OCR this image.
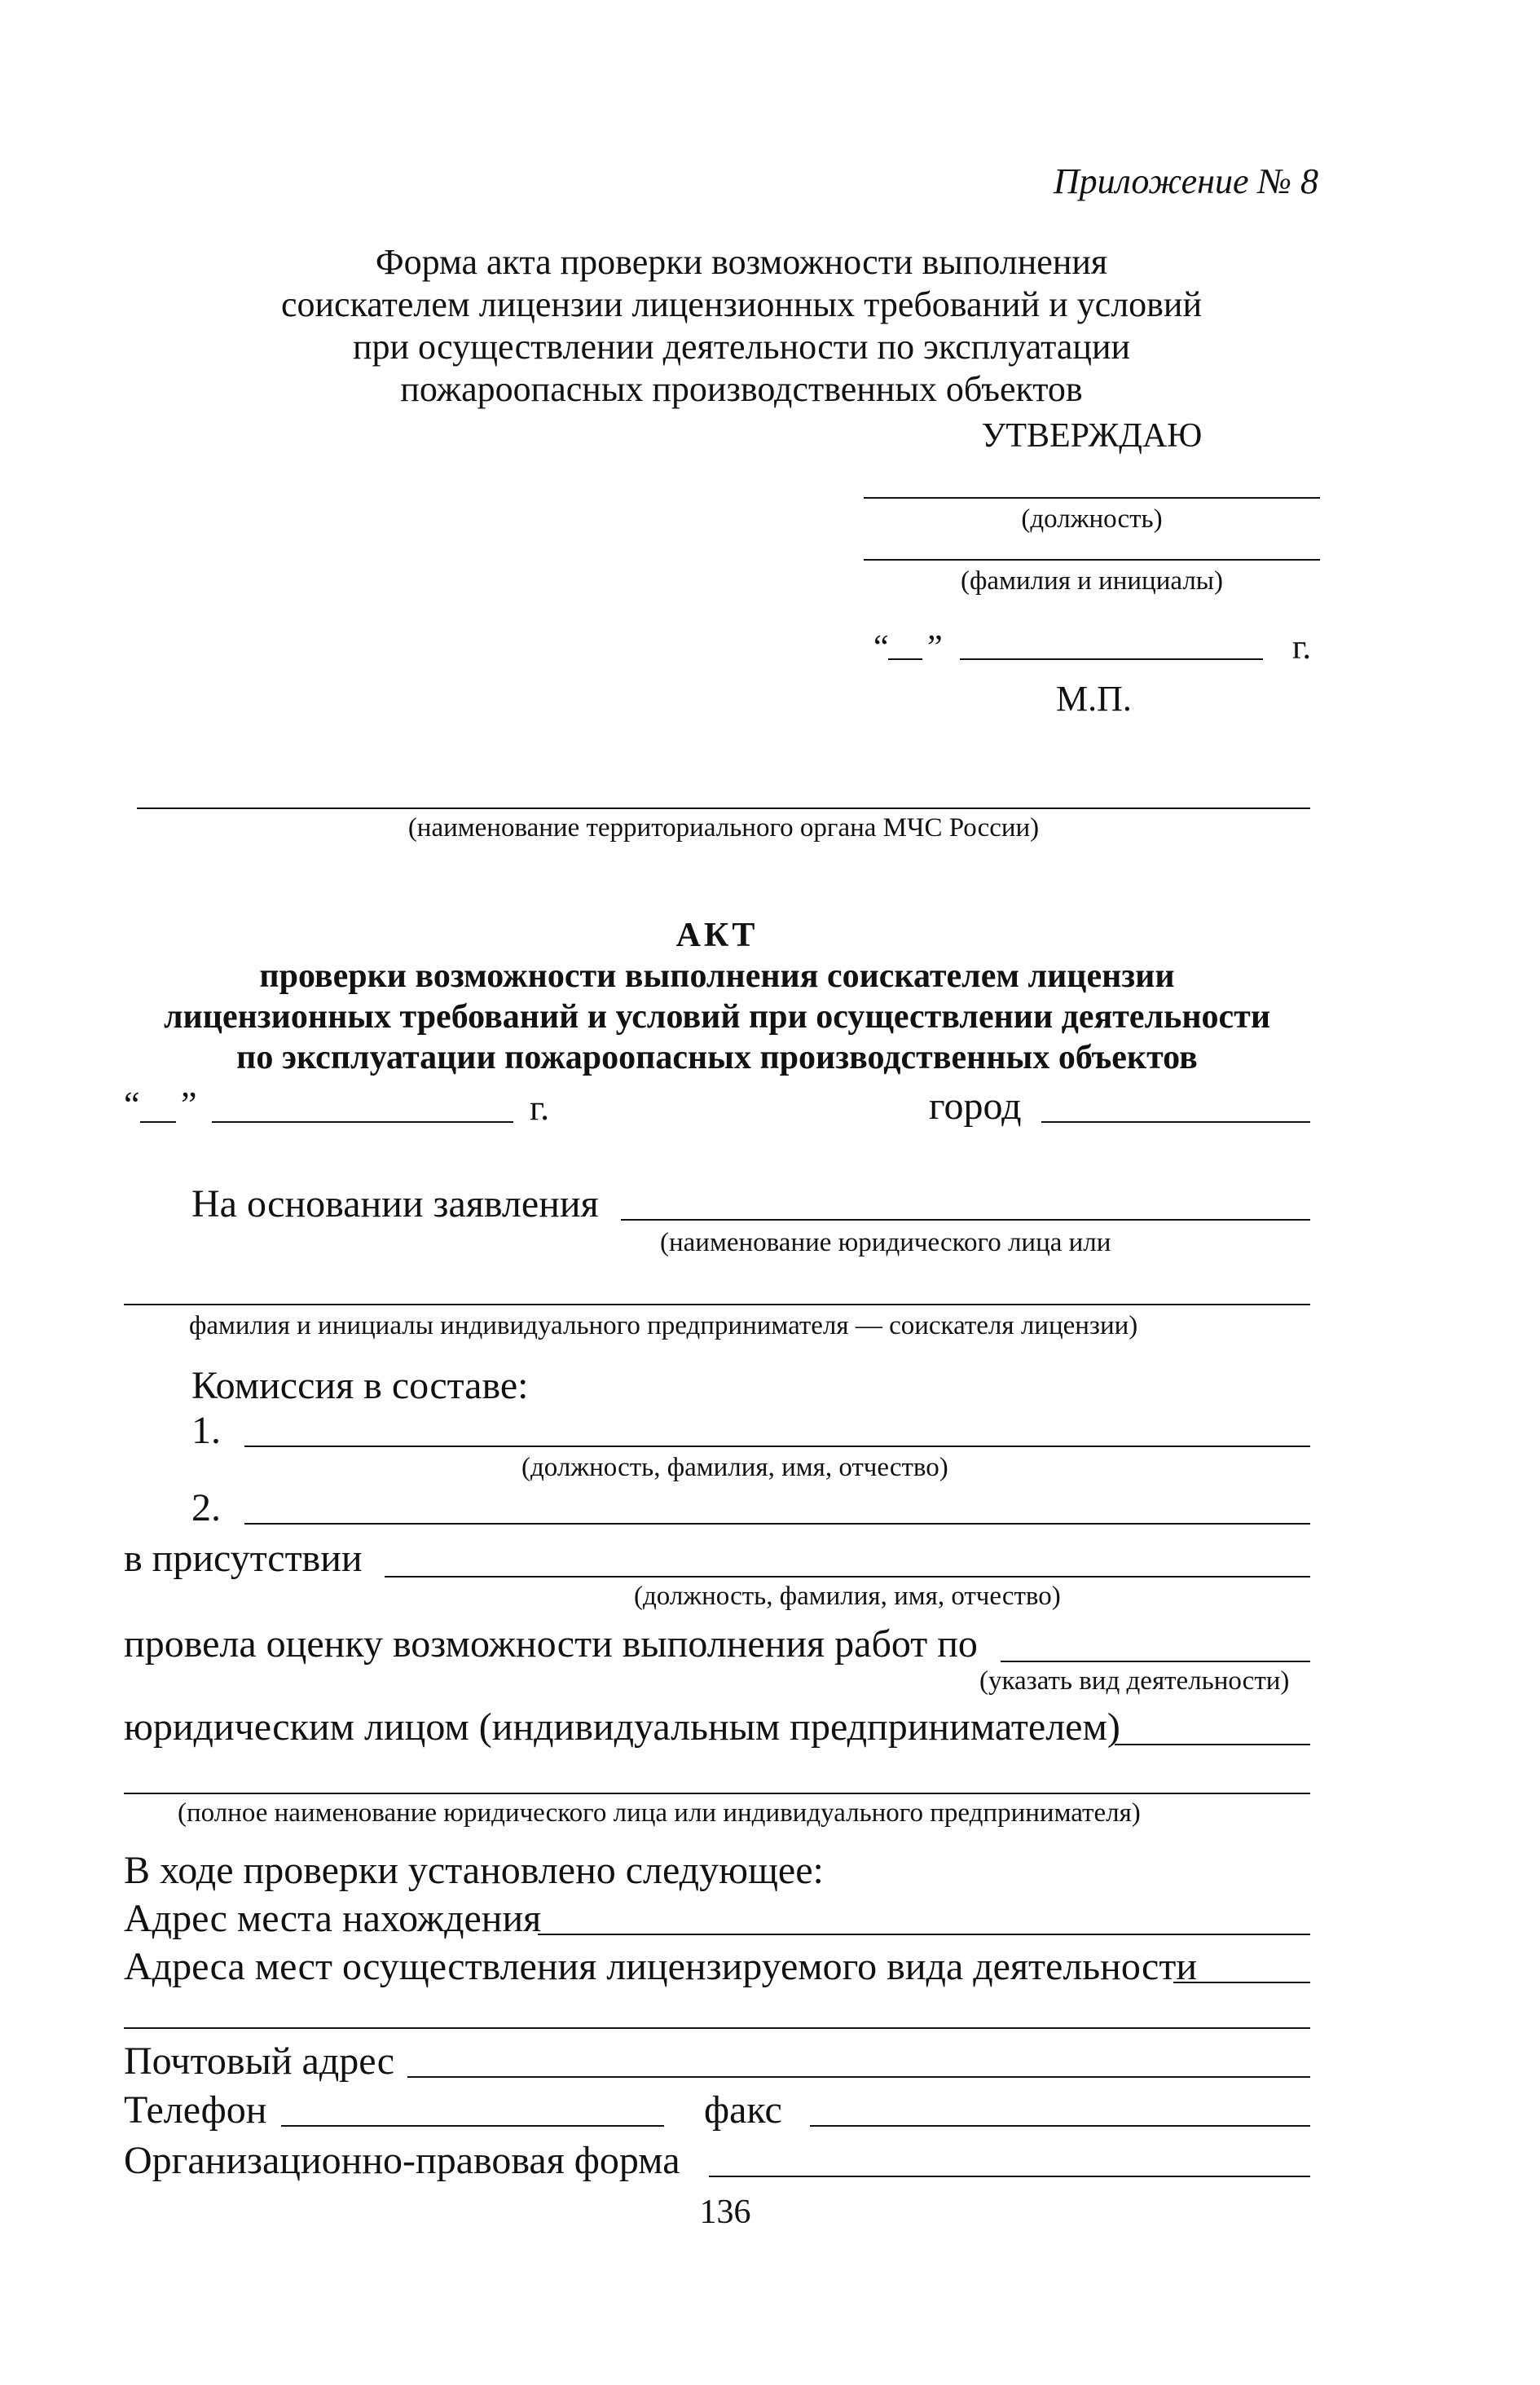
Приложение № 8
Форма акта проверки возможности выполнения
соискателем лицензии лицензионных требований и условий
при осуществлении деятельности по эксплуатации
пожароопасных производственных объектов
УТВЕРЖДАЮ
(должность)
(фамилия и инициалы)
“ ”	г.
М.П.
(наименование территориального органа МЧС России)
АКТ
проверки возможности выполнения соискателем лицензии
лицензионных требований и условий при осуществлении деятельности
по эксплуатации пожароопасных производственных объектов
“ ”	г.	город
На основании заявления
(наименование юридического лица или
фамилия и инициалы индивидуального предпринимателя — соискателя лицензии)
Комиссия в составе:
1.
(должность, фамилия, имя, отчество)
2.
в присутствии
(должность, фамилия, имя, отчество)
провела оценку возможности выполнения работ по
(указать вид деятельности)
юридическим лицом (индивидуальным предпринимателем)
(полное наименование юридического лица или индивидуального предпринимателя)
В ходе проверки установлено следующее:
Адрес места нахождения
Адреса мест осуществления лицензируемого вида деятельности
Почтовый адрес
Телефон	факс
Организационно-правовая форма
136
